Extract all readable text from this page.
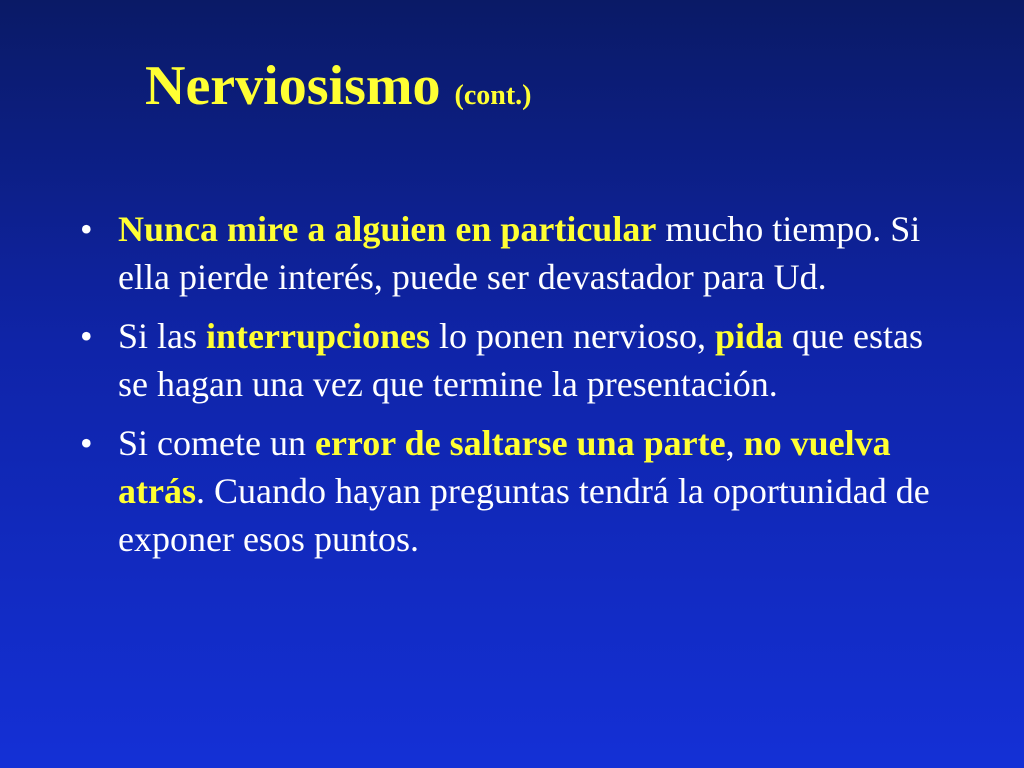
Nerviosismo (cont.)
• Nunca mire a alguien en particular mucho tiempo. Si ella pierde interés, puede ser devastador para Ud.
• Si las interrupciones lo ponen nervioso, pida que estas se hagan una vez que termine la presentación.
• Si comete un error de saltarse una parte, no vuelva atrás. Cuando hayan preguntas tendrá la oportunidad de exponer esos puntos.
